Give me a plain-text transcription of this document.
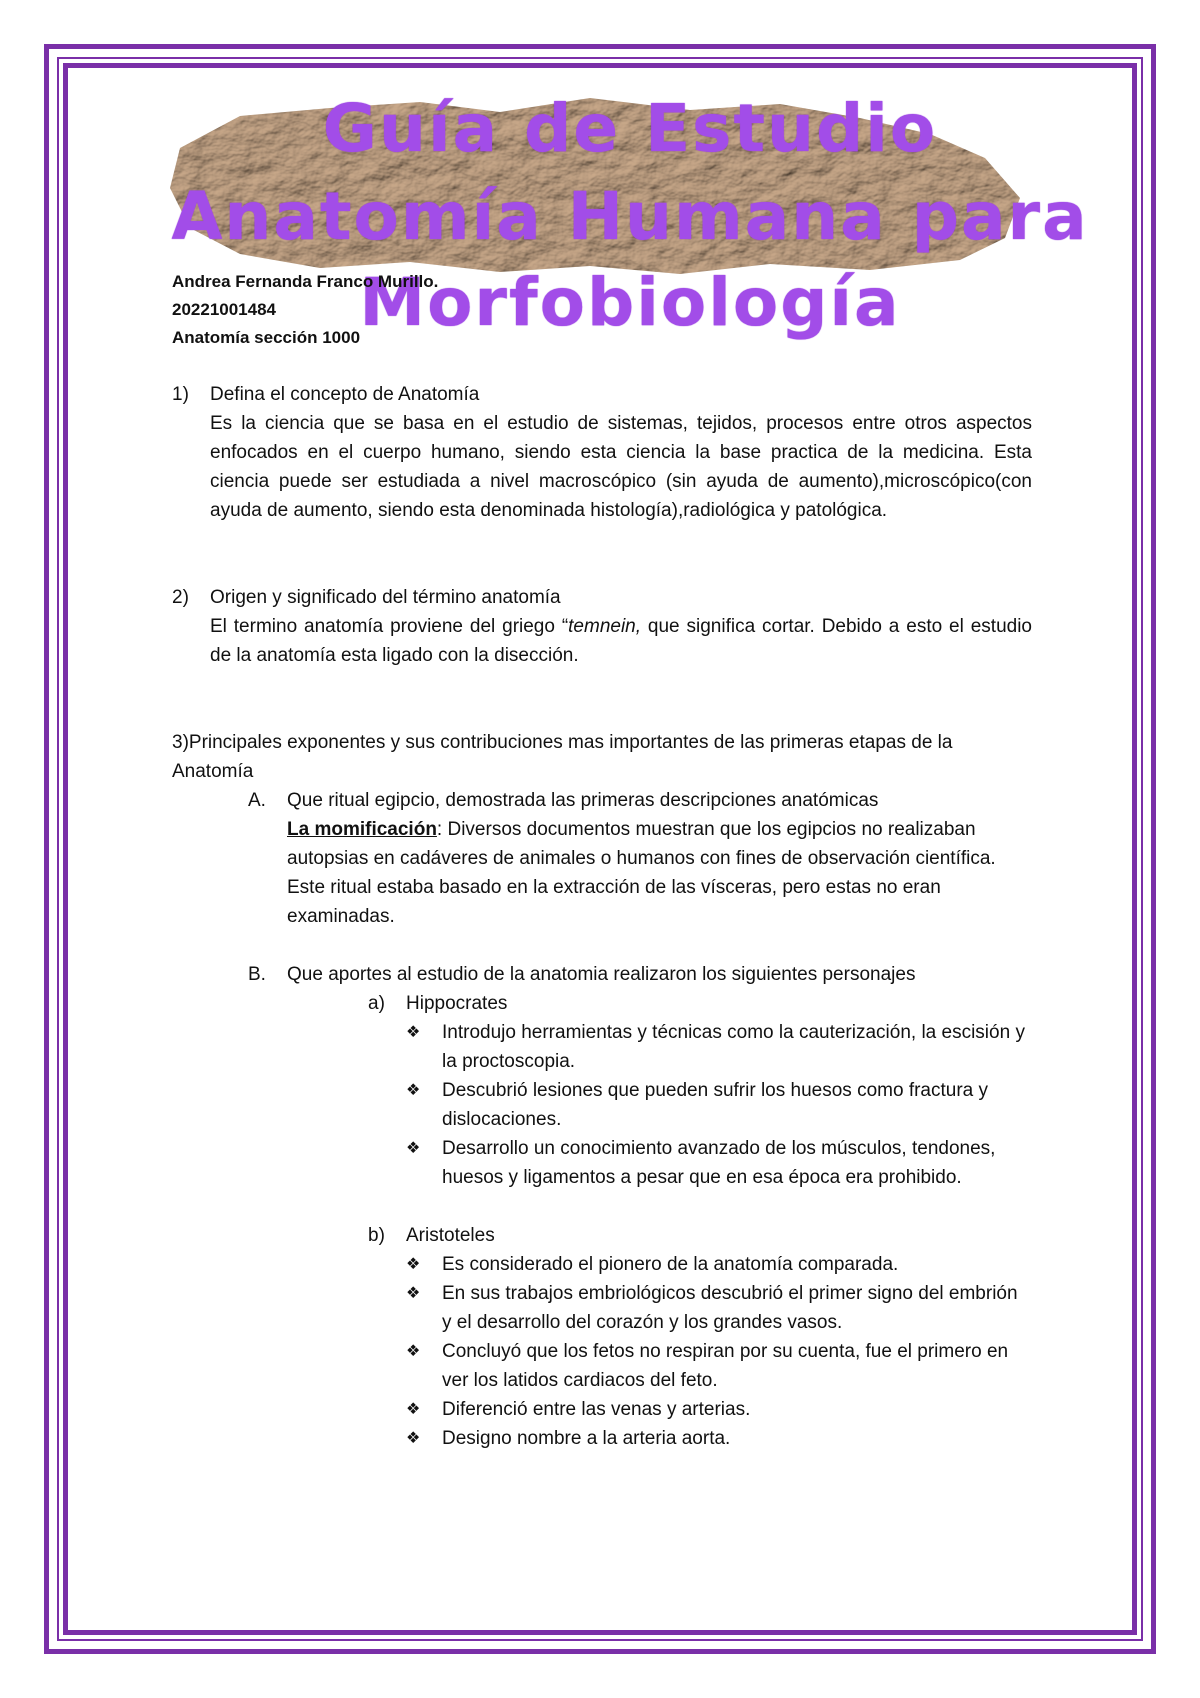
Guía de Estudio
Anatomía Humana para
Morfobiología
Andrea Fernanda Franco Murillo.
20221001484
Anatomía sección 1000
1)	Defina el concepto de Anatomía

Es la ciencia que se basa en el estudio de sistemas, tejidos, procesos entre otros aspectos enfocados en el cuerpo humano, siendo esta ciencia la base practica de la medicina. Esta ciencia puede ser estudiada a nivel macroscópico (sin ayuda de aumento),microscópico(con ayuda de aumento, siendo esta denominada histología),radiológica y patológica.

2)	Origen y significado del término anatomía

El termino anatomía proviene del griego “temnein, que significa cortar. Debido a esto el estudio de la anatomía esta ligado con la disección.

3)Principales exponentes y sus contribuciones mas importantes de las primeras etapas de la Anatomía

A.	Que ritual egipcio, demostrada las primeras descripciones anatómicas

La momificación: Diversos documentos muestran que los egipcios no realizaban autopsias en cadáveres de animales o humanos con fines de observación científica. Este ritual estaba basado en la extracción de las vísceras, pero estas no eran examinadas.

B.	Que aportes al estudio de la anatomia realizaron los siguientes personajes
a)	Hippocrates
❖	Introdujo herramientas y técnicas como la cauterización, la escisión y la proctoscopia.
❖	Descubrió lesiones que pueden sufrir los huesos como fractura y dislocaciones.
❖	Desarrollo un conocimiento avanzado de los músculos, tendones, huesos y ligamentos a pesar que en esa época era prohibido.
b)	Aristoteles
❖	Es considerado el pionero de la anatomía comparada.
❖	En sus trabajos embriológicos descubrió el primer signo del embrión y el desarrollo del corazón y los grandes vasos.
❖	Concluyó que los fetos no respiran por su cuenta, fue el primero en ver los latidos cardiacos del feto.
❖	Diferenció entre las venas y arterias.
❖	Designo nombre a la arteria aorta.
